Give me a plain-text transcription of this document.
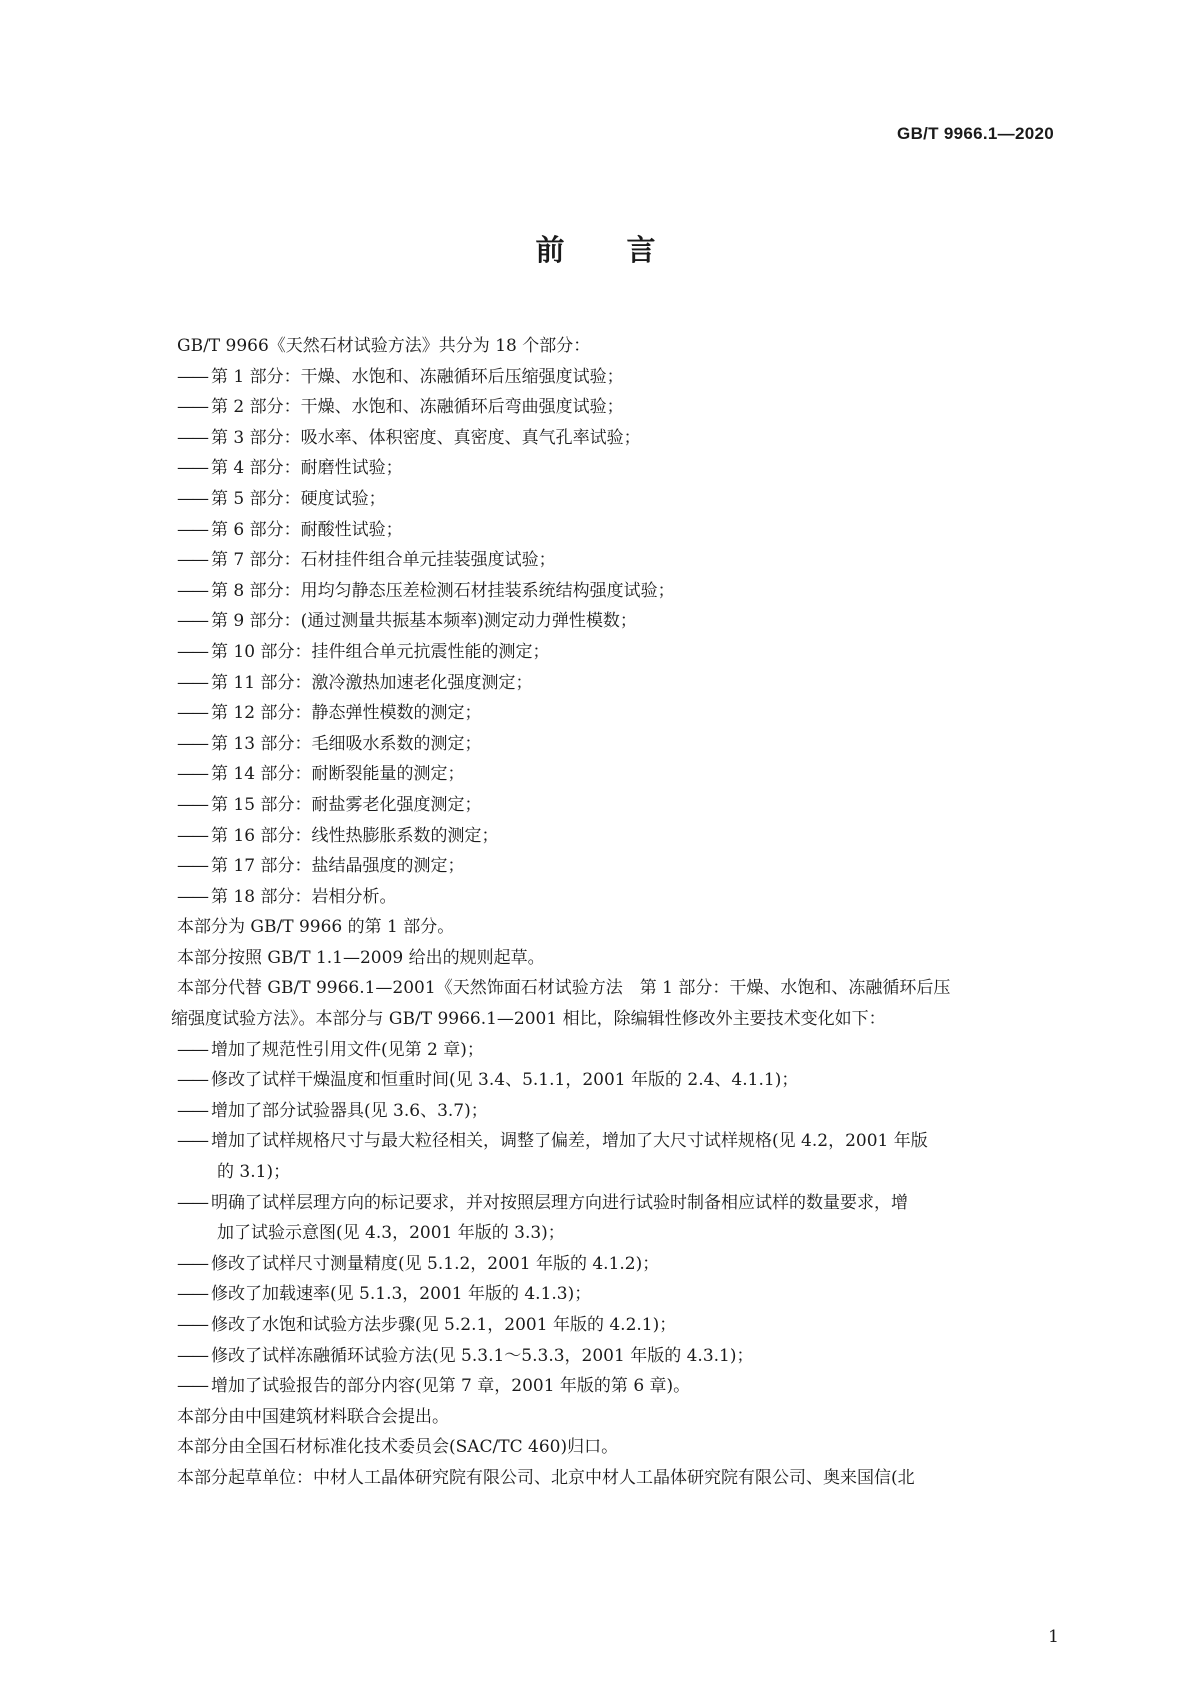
GB/T 9966.1—2020
前 言
GB/T 9966《天然石材试验方法》共分为 18 个部分：
—— 第 1 部分：干燥、水饱和、冻融循环后压缩强度试验；
—— 第 2 部分：干燥、水饱和、冻融循环后弯曲强度试验；
—— 第 3 部分：吸水率、体积密度、真密度、真气孔率试验；
—— 第 4 部分：耐磨性试验；
—— 第 5 部分：硬度试验；
—— 第 6 部分：耐酸性试验；
—— 第 7 部分：石材挂件组合单元挂装强度试验；
—— 第 8 部分：用均匀静态压差检测石材挂装系统结构强度试验；
—— 第 9 部分：(通过测量共振基本频率)测定动力弹性模数；
—— 第 10 部分：挂件组合单元抗震性能的测定；
—— 第 11 部分：激冷激热加速老化强度测定；
—— 第 12 部分：静态弹性模数的测定；
—— 第 13 部分：毛细吸水系数的测定；
—— 第 14 部分：耐断裂能量的测定；
—— 第 15 部分：耐盐雾老化强度测定；
—— 第 16 部分：线性热膨胀系数的测定；
—— 第 17 部分：盐结晶强度的测定；
—— 第 18 部分：岩相分析。
本部分为 GB/T 9966 的第 1 部分。
本部分按照 GB/T 1.1—2009 给出的规则起草。
本部分代替 GB/T 9966.1—2001《天然饰面石材试验方法　第 1 部分：干燥、水饱和、冻融循环后压
缩强度试验方法》。本部分与 GB/T 9966.1—2001 相比，除编辑性修改外主要技术变化如下：
—— 增加了规范性引用文件(见第 2 章)；
—— 修改了试样干燥温度和恒重时间(见 3.4、5.1.1，2001 年版的 2.4、4.1.1)；
—— 增加了部分试验器具(见 3.6、3.7)；
—— 增加了试样规格尺寸与最大粒径相关，调整了偏差，增加了大尺寸试样规格(见 4.2，2001 年版
的 3.1)；
—— 明确了试样层理方向的标记要求，并对按照层理方向进行试验时制备相应试样的数量要求，增
加了试验示意图(见 4.3，2001 年版的 3.3)；
—— 修改了试样尺寸测量精度(见 5.1.2，2001 年版的 4.1.2)；
—— 修改了加载速率(见 5.1.3，2001 年版的 4.1.3)；
—— 修改了水饱和试验方法步骤(见 5.2.1，2001 年版的 4.2.1)；
—— 修改了试样冻融循环试验方法(见 5.3.1～5.3.3，2001 年版的 4.3.1)；
—— 增加了试验报告的部分内容(见第 7 章，2001 年版的第 6 章)。
本部分由中国建筑材料联合会提出。
本部分由全国石材标准化技术委员会(SAC/TC 460)归口。
本部分起草单位：中材人工晶体研究院有限公司、北京中材人工晶体研究院有限公司、奥来国信(北
1
